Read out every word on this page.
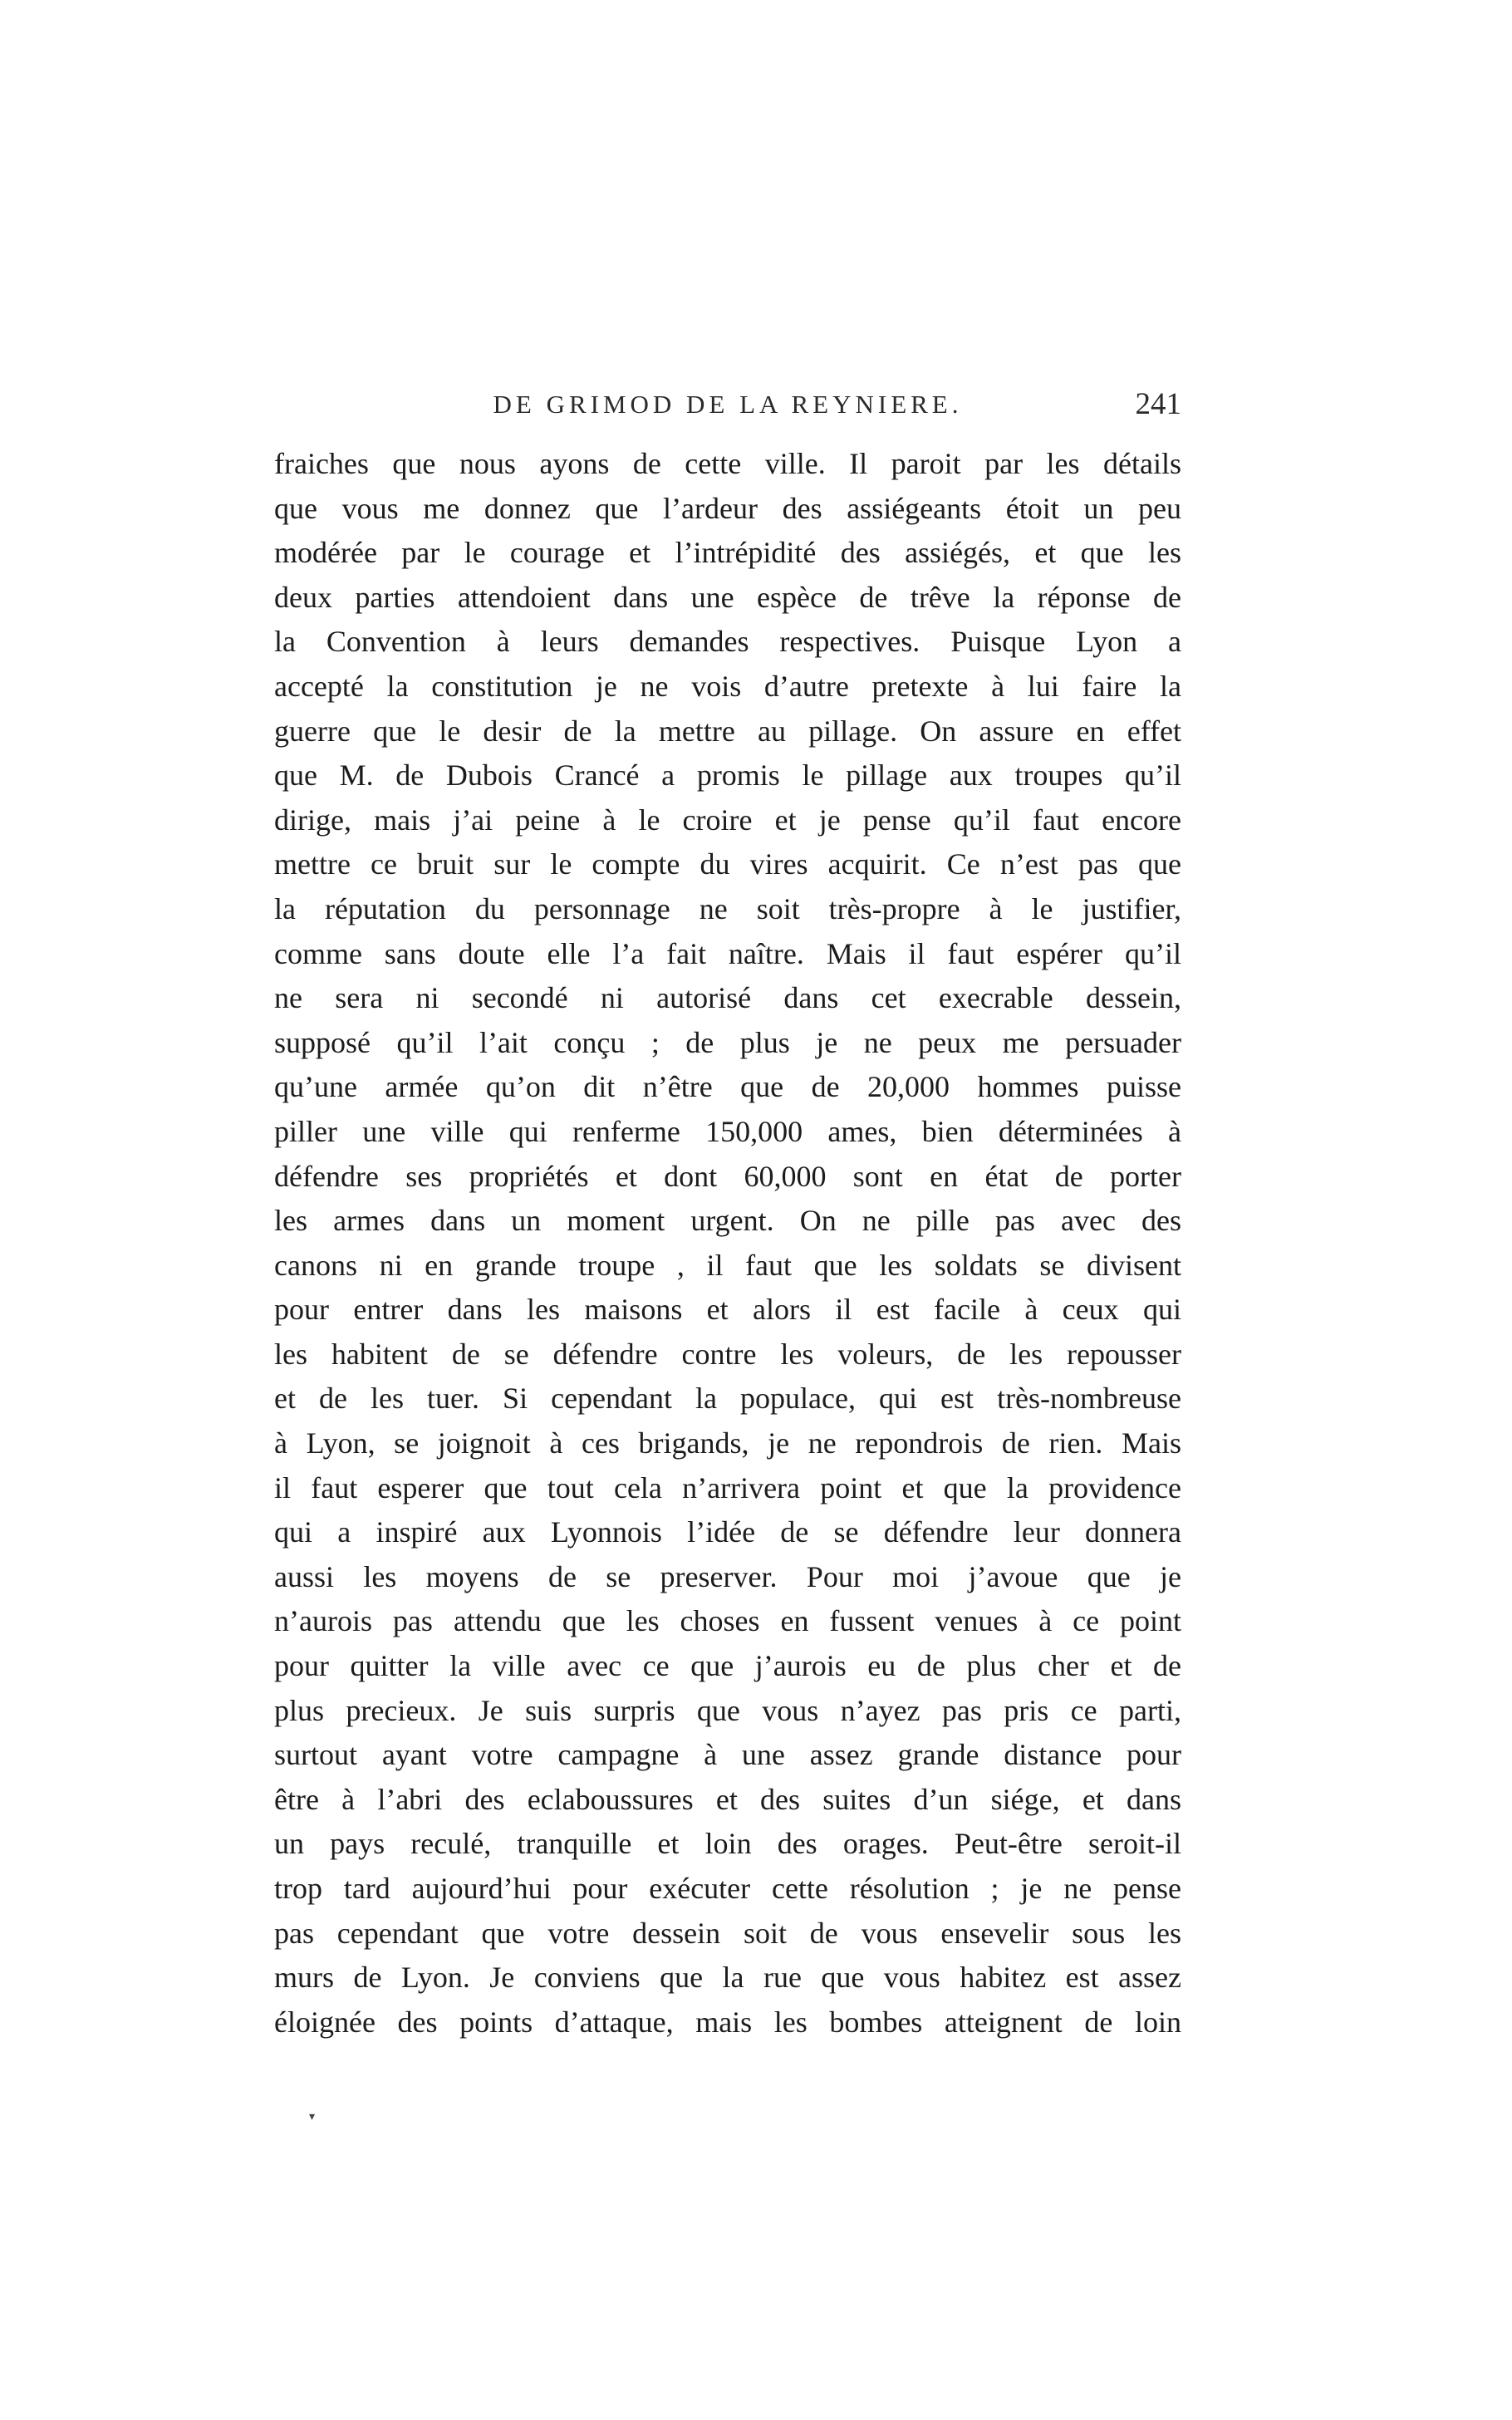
DE GRIMOD DE LA REYNIERE.	241
fraiches que nous ayons de cette ville. Il paroit par les détails
que vous me donnez que l’ardeur des assiégeants étoit un peu
modérée par le courage et l’intrépidité des assiégés, et que les
deux parties attendoient dans une espèce de trêve la réponse de
la Convention à leurs demandes respectives. Puisque Lyon a
accepté la constitution je ne vois d’autre pretexte à lui faire la
guerre que le desir de la mettre au pillage. On assure en effet
que M. de Dubois Crancé a promis le pillage aux troupes qu’il
dirige, mais j’ai peine à le croire et je pense qu’il faut encore
mettre ce bruit sur le compte du vires acquirit. Ce n’est pas que
la réputation du personnage ne soit très-propre à le justifier,
comme sans doute elle l’a fait naître. Mais il faut espérer qu’il
ne sera ni secondé ni autorisé dans cet execrable dessein,
supposé qu’il l’ait conçu ; de plus je ne peux me persuader
qu’une armée qu’on dit n’être que de 20,000 hommes puisse
piller une ville qui renferme 150,000 ames, bien déterminées à
défendre ses propriétés et dont 60,000 sont en état de porter
les armes dans un moment urgent. On ne pille pas avec des
canons ni en grande troupe , il faut que les soldats se divisent
pour entrer dans les maisons et alors il est facile à ceux qui
les habitent de se défendre contre les voleurs, de les repousser
et de les tuer. Si cependant la populace, qui est très-nombreuse
à Lyon, se joignoit à ces brigands, je ne repondrois de rien. Mais
il faut esperer que tout cela n’arrivera point et que la providence
qui a inspiré aux Lyonnois l’idée de se défendre leur donnera
aussi les moyens de se preserver. Pour moi j’avoue que je
n’aurois pas attendu que les choses en fussent venues à ce point
pour quitter la ville avec ce que j’aurois eu de plus cher et de
plus precieux. Je suis surpris que vous n’ayez pas pris ce parti,
surtout ayant votre campagne à une assez grande distance pour
être à l’abri des eclaboussures et des suites d’un siége, et dans
un pays reculé, tranquille et loin des orages. Peut-être seroit-il
trop tard aujourd’hui pour exécuter cette résolution ; je ne pense
pas cependant que votre dessein soit de vous ensevelir sous les
murs de Lyon. Je conviens que la rue que vous habitez est assez
éloignée des points d’attaque, mais les bombes atteignent de loin
▾
